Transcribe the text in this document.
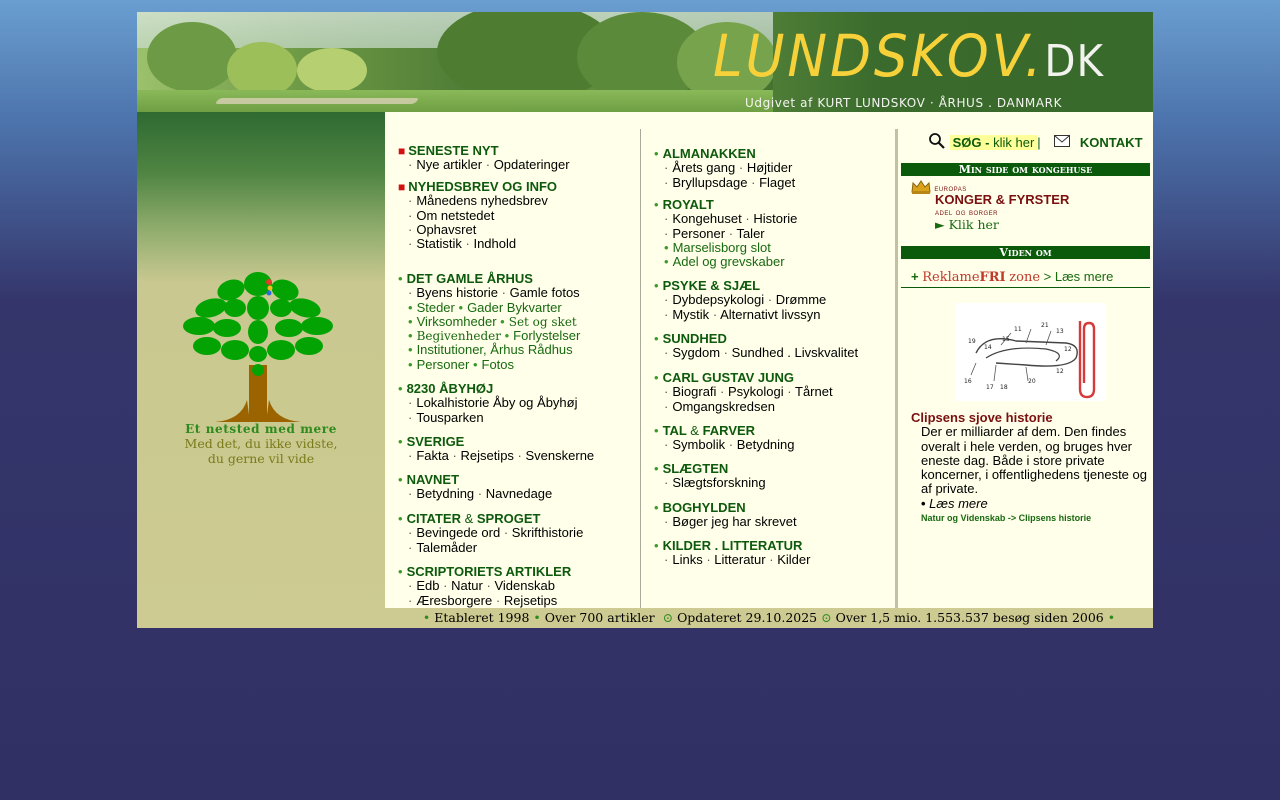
LUNDSKOV.DK
Udgivet af KURT LUNDSKOV · ÅRHUS . DANMARK
Et netsted med mere
Med det, du ikke vidste,
du gerne vil vide
■ SENESTE NYT
· Nye artikler · Opdateringer
■ NYHEDSBREV OG INFO
· Månedens nyhedsbrev
· Om netstedet
· Ophavsret
· Statistik · Indhold
• DET GAMLE ÅRHUS
· Byens historie · Gamle fotos
• Steder • Gader Bykvarter
• Virksomheder • Set og sket
• Begivenheder • Forlystelser
• Institutioner, Århus Rådhus
• Personer • Fotos
• 8230 ÅBYHØJ
· Lokalhistorie Åby og Åbyhøj
· Tousparken
• SVERIGE
· Fakta · Rejsetips · Svenskerne
• NAVNET
· Betydning · Navnedage
• CITATER & SPROGET
· Bevingede ord · Skrifthistorie
· Talemåder
• SCRIPTORIETS ARTIKLER
· Edb · Natur · Videnskab
· Æresborgere · Rejsetips
• ALMANAKKEN
· Årets gang · Højtider
· Bryllupsdage · Flaget
• ROYALT
· Kongehuset · Historie
· Personer · Taler
• Marselisborg slot
• Adel og grevskaber
• PSYKE & SJÆL
· Dybdepsykologi · Drømme
· Mystik · Alternativt livssyn
• SUNDHED
· Sygdom · Sundhed . Livskvalitet
• CARL GUSTAV JUNG
· Biografi · Psykologi · Tårnet
· Omgangskredsen
• TAL & FARVER
· Symbolik · Betydning
• SLÆGTEN
· Slægtsforskning
• BOGHYLDEN
· Bøger jeg har skrevet
• KILDER . LITTERATUR
· Links · Litteratur · Kilder
SØG - klik her |	KONTAKT
Min side om kongehuse
europas
KONGER & FYRSTER
adel og borger
► Klik her
Viden om
+ ReklameFRI zone > Læs mere
11
21
13
19	15
12
14
16
17 18
20
12
Clipsens sjove historie
Der er milliarder af dem. Den findes overalt i hele verden, og bruges hver eneste dag. Både i store private koncerner, i offentlighedens tjeneste og af private.
• Læs mere
Natur og Videnskab -> Clipsens historie
• Etableret 1998 • Over 700 artikler ⊙ Opdateret 29.10.2025 ⊙ Over 1,5 mio. 1.553.537 besøg siden 2006 •
